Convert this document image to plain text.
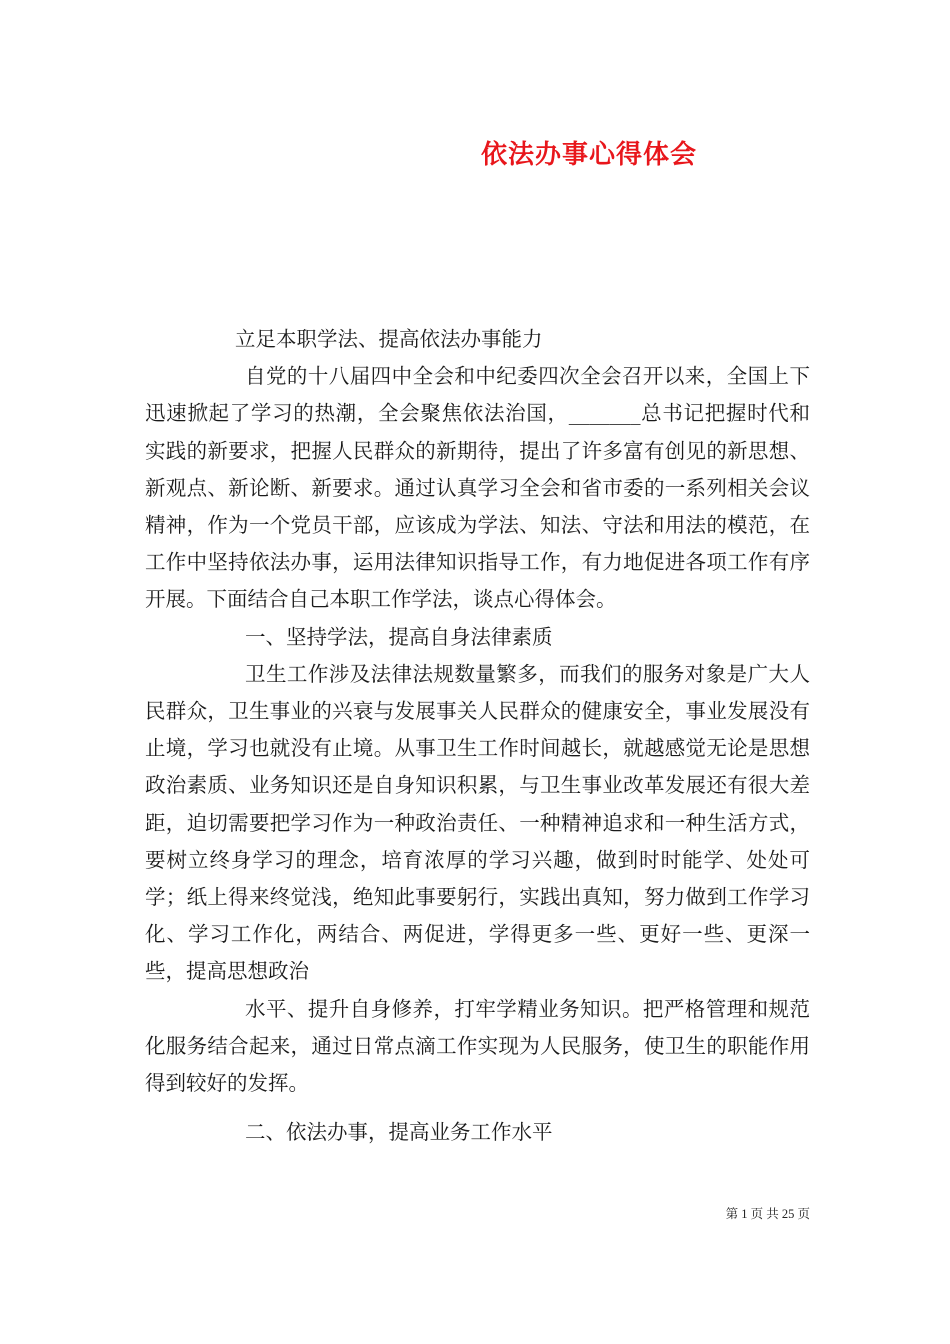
依法办事心得体会

立足本职学法、提高依法办事能力

自党的十八届四中全会和中纪委四次全会召开以来，全国上下迅速掀起了学习的热潮，全会聚焦依法治国，_______总书记把握时代和实践的新要求，把握人民群众的新期待，提出了许多富有创见的新思想、新观点、新论断、新要求。通过认真学习全会和省市委的一系列相关会议精神，作为一个党员干部，应该成为学法、知法、守法和用法的模范，在工作中坚持依法办事，运用法律知识指导工作，有力地促进各项工作有序开展。下面结合自己本职工作学法，谈点心得体会。

一、坚持学法，提高自身法律素质

卫生工作涉及法律法规数量繁多，而我们的服务对象是广大人民群众，卫生事业的兴衰与发展事关人民群众的健康安全，事业发展没有止境，学习也就没有止境。从事卫生工作时间越长，就越感觉无论是思想政治素质、业务知识还是自身知识积累，与卫生事业改革发展还有很大差距，迫切需要把学习作为一种政治责任、一种精神追求和一种生活方式，要树立终身学习的理念，培育浓厚的学习兴趣，做到时时能学、处处可学；纸上得来终觉浅，绝知此事要躬行，实践出真知，努力做到工作学习化、学习工作化，两结合、两促进，学得更多一些、更好一些、更深一些，提高思想政治

水平、提升自身修养，打牢学精业务知识。把严格管理和规范化服务结合起来，通过日常点滴工作实现为人民服务，使卫生的职能作用得到较好的发挥。

二、依法办事，提高业务工作水平

第 1 页 共 25 页
